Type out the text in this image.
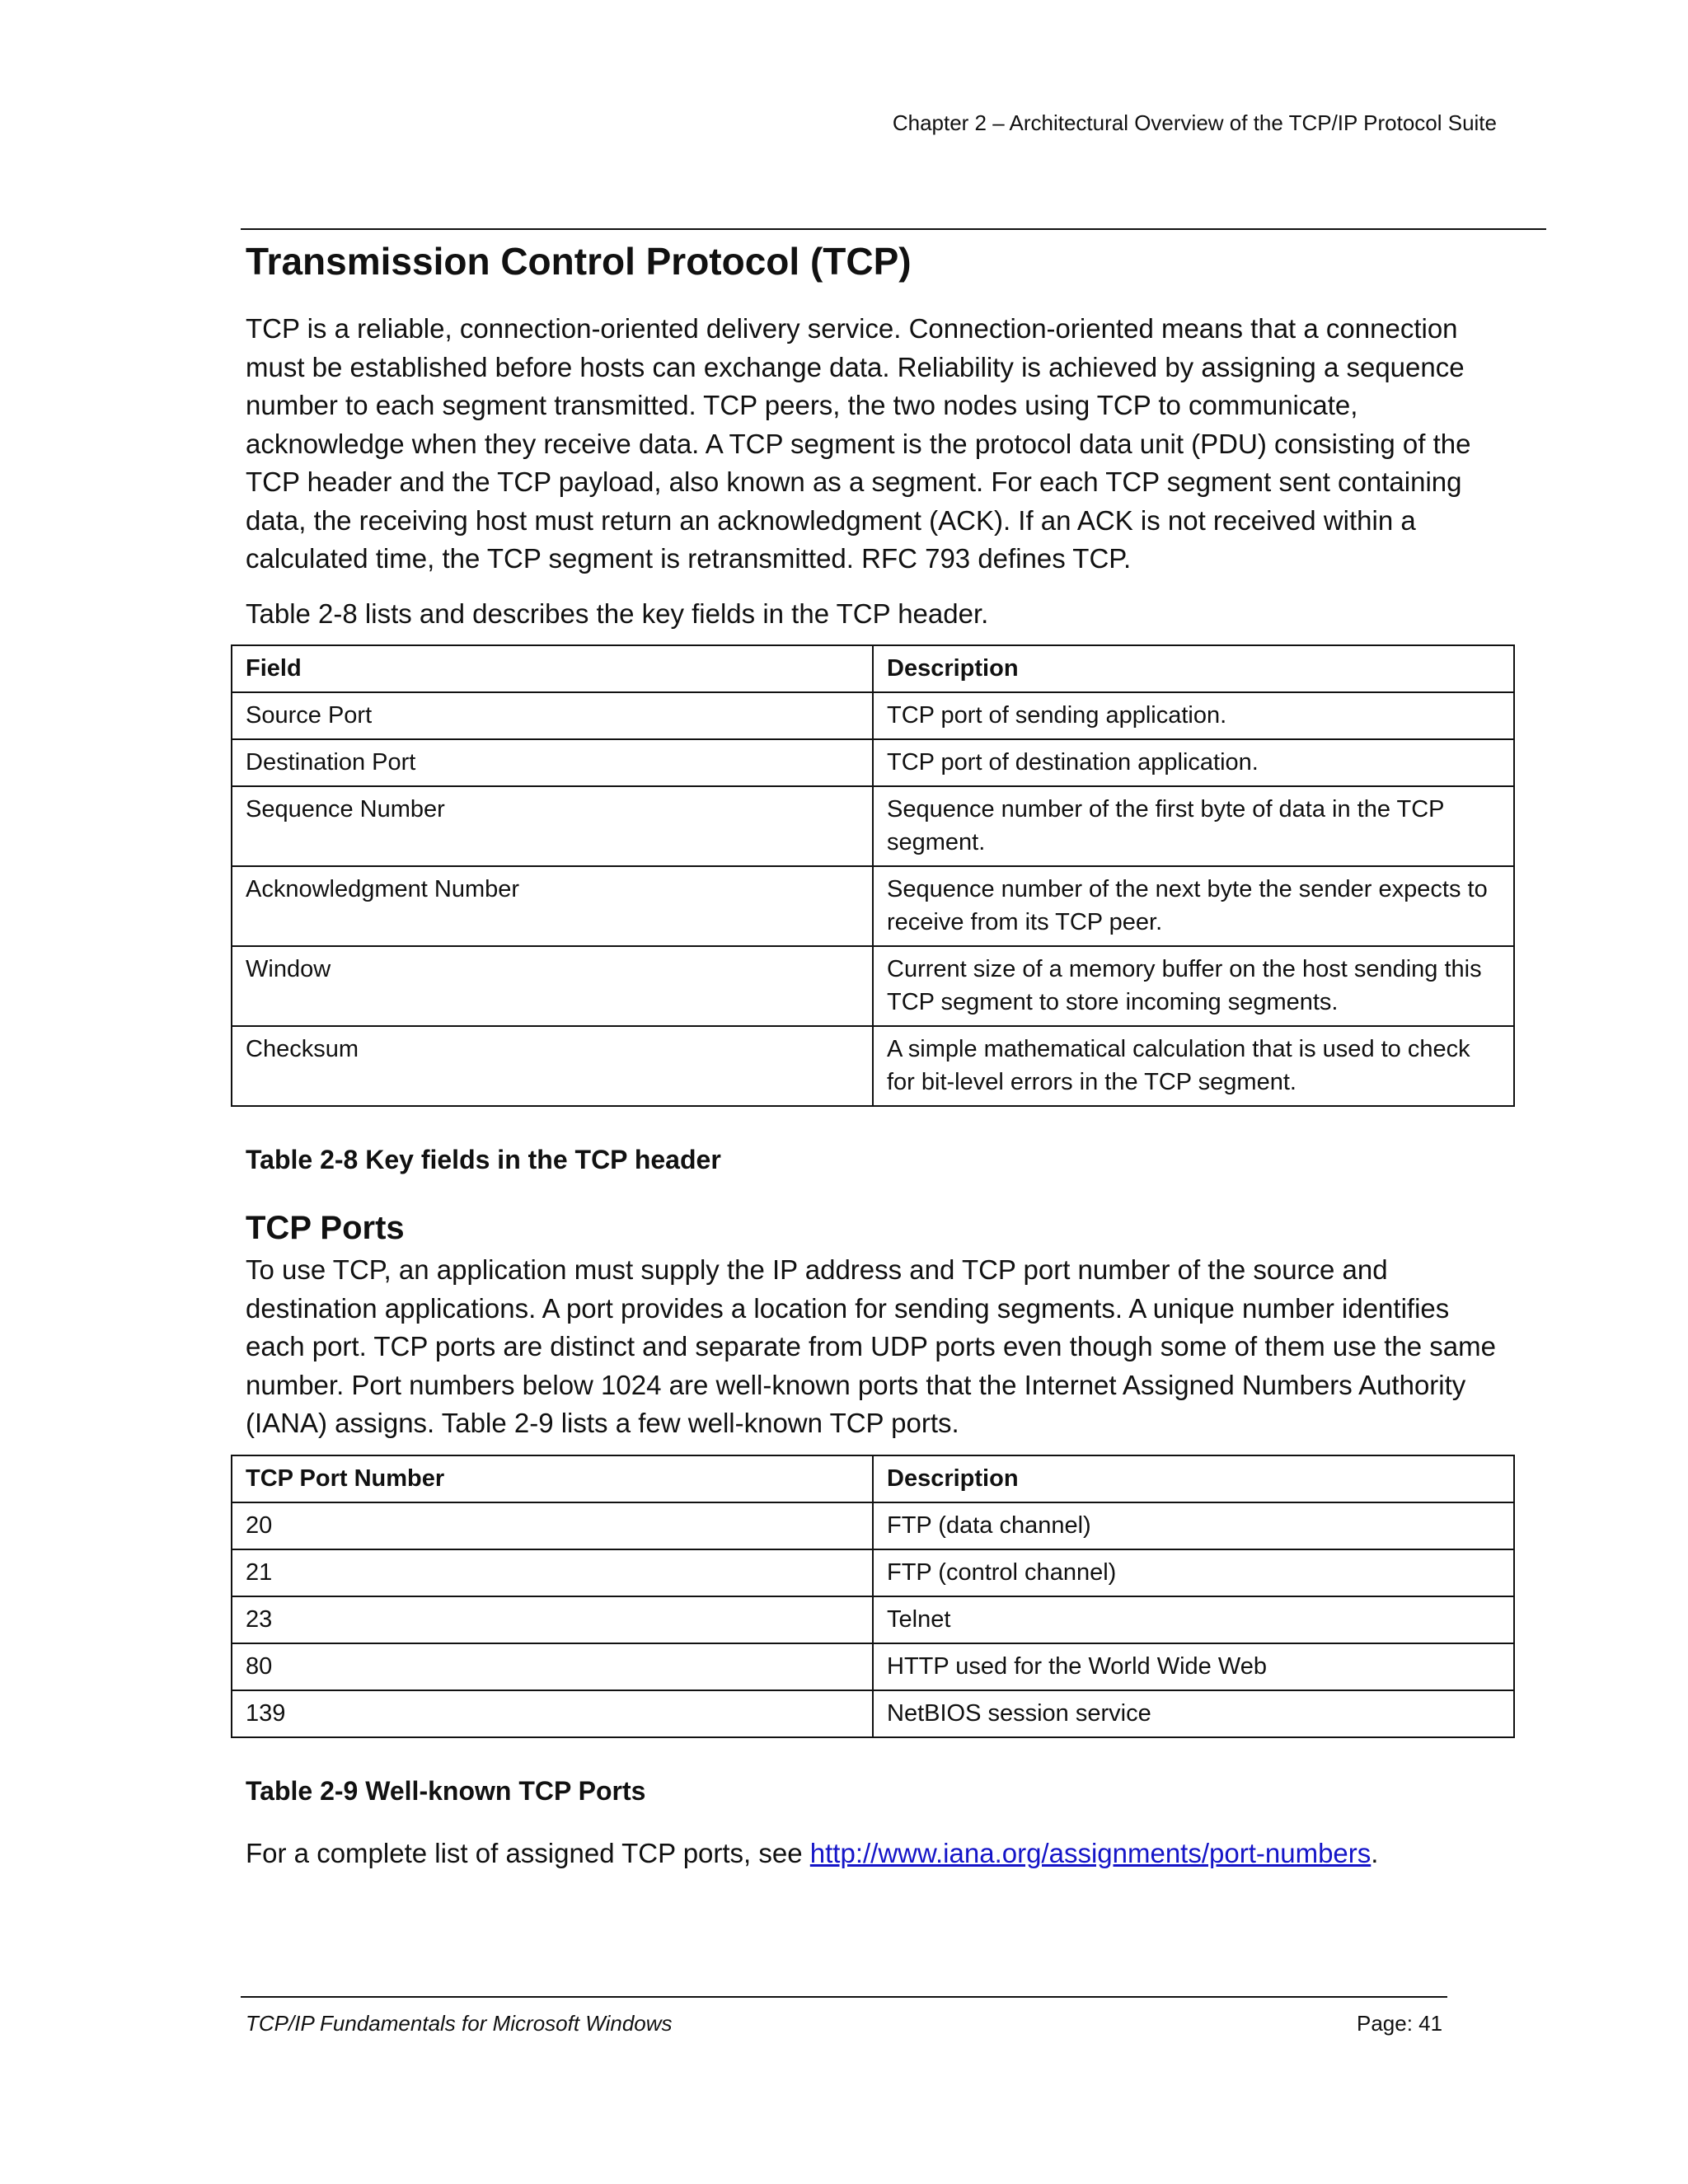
Chapter 2 – Architectural Overview of the TCP/IP Protocol Suite
Transmission Control Protocol (TCP)

TCP is a reliable, connection-oriented delivery service. Connection-oriented means that a connection must be established before hosts can exchange data. Reliability is achieved by assigning a sequence number to each segment transmitted. TCP peers, the two nodes using TCP to communicate, acknowledge when they receive data. A TCP segment is the protocol data unit (PDU) consisting of the TCP header and the TCP payload, also known as a segment. For each TCP segment sent containing data, the receiving host must return an acknowledgment (ACK). If an ACK is not received within a calculated time, the TCP segment is retransmitted. RFC 793 defines TCP.

Table 2-8 lists and describes the key fields in the TCP header.

Field	Description
Source Port	TCP port of sending application.
Destination Port	TCP port of destination application.
Sequence Number	Sequence number of the first byte of data in the TCP segment.
Acknowledgment Number	Sequence number of the next byte the sender expects to receive from its TCP peer.
Window	Current size of a memory buffer on the host sending this TCP segment to store incoming segments.
Checksum	A simple mathematical calculation that is used to check for bit-level errors in the TCP segment.

Table 2-8 Key fields in the TCP header

TCP Ports

To use TCP, an application must supply the IP address and TCP port number of the source and destination applications. A port provides a location for sending segments. A unique number identifies each port. TCP ports are distinct and separate from UDP ports even though some of them use the same number. Port numbers below 1024 are well-known ports that the Internet Assigned Numbers Authority (IANA) assigns. Table 2-9 lists a few well-known TCP ports.

TCP Port Number	Description
20	FTP (data channel)
21	FTP (control channel)
23	Telnet
80	HTTP used for the World Wide Web
139	NetBIOS session service

Table 2-9 Well-known TCP Ports

For a complete list of assigned TCP ports, see http://www.iana.org/assignments/port-numbers.

TCP/IP Fundamentals for Microsoft Windows	Page: 41
